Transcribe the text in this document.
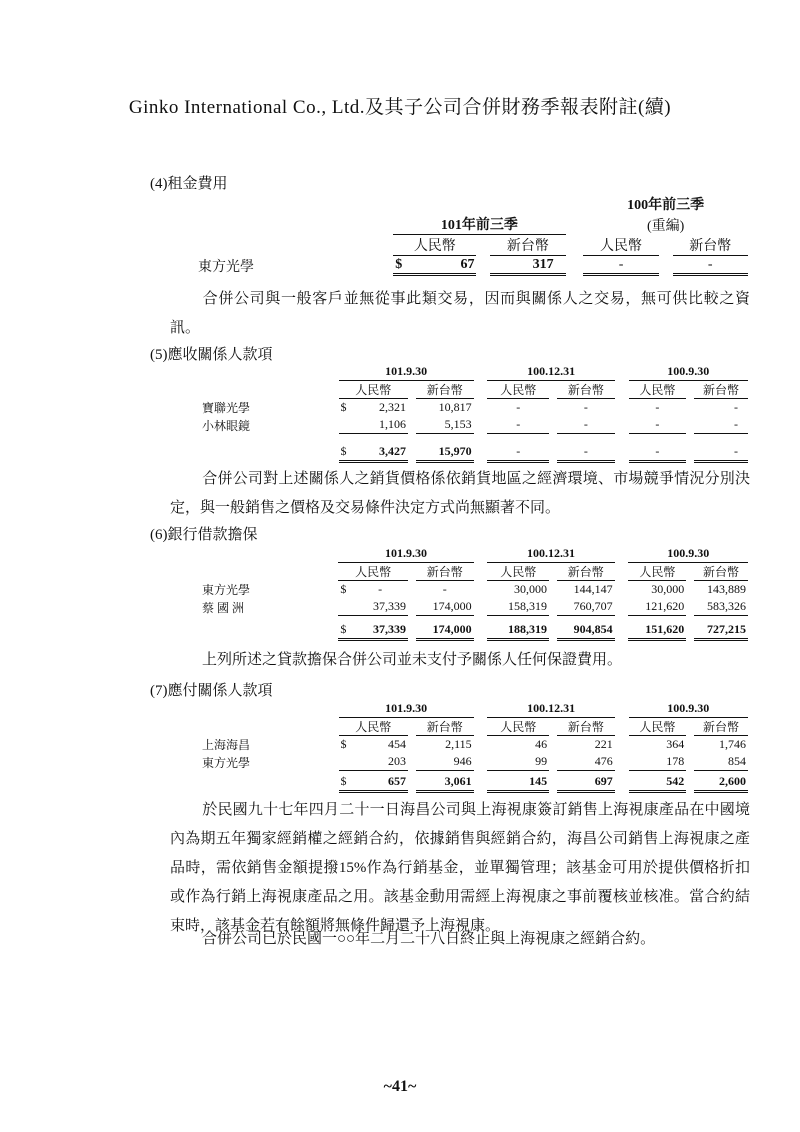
Ginko International Co., Ltd.及其子公司合併財務季報表附註(續)
(4)租金費用
						100年前三季		
	101年前三季					(重編)		
	人民幣			新台幣		人民幣		新台幣
東方光學	$	67		317		-		-
合併公司與一般客戶並無從事此類交易，因而與關係人之交易，無可供比較之資訊。
(5)應收關係人款項
	101.9.30					100.12.31				100.9.30		
	人民幣			新台幣		人民幣		新台幣		人民幣		新台幣
寶聯光學	$	2,321		10,817		-		-		-		-
小林眼鏡		1,106		5,153		-		-		-		-

	$	3,427		15,970		-		-		-		-
合併公司對上述關係人之銷貨價格係依銷貨地區之經濟環境、市場競爭情況分別決定，與一般銷售之價格及交易條件決定方式尚無顯著不同。
(6)銀行借款擔保
	101.9.30					100.12.31				100.9.30		
	人民幣			新台幣		人民幣		新台幣		人民幣		新台幣
東方光學	$	-		-		30,000		144,147		30,000		143,889
蔡 國 洲		37,339		174,000		158,319		760,707		121,620		583,326

	$	37,339		174,000		188,319		904,854		151,620		727,215
上列所述之貸款擔保合併公司並未支付予關係人任何保證費用。
(7)應付關係人款項
	101.9.30					100.12.31				100.9.30		
	人民幣			新台幣		人民幣		新台幣		人民幣		新台幣
上海海昌	$	454		2,115		46		221		364		1,746
東方光學		203		946		99		476		178		854

	$	657		3,061		145		697		542		2,600
於民國九十七年四月二十一日海昌公司與上海視康簽訂銷售上海視康產品在中國境內為期五年獨家經銷權之經銷合約，依據銷售與經銷合約，海昌公司銷售上海視康之產品時，需依銷售金額提撥15%作為行銷基金，並單獨管理；該基金可用於提供價格折扣或作為行銷上海視康產品之用。該基金動用需經上海視康之事前覆核並核准。當合約結束時，該基金若有餘額將無條件歸還予上海視康。
合併公司已於民國一○○年二月二十八日終止與上海視康之經銷合約。
~41~
